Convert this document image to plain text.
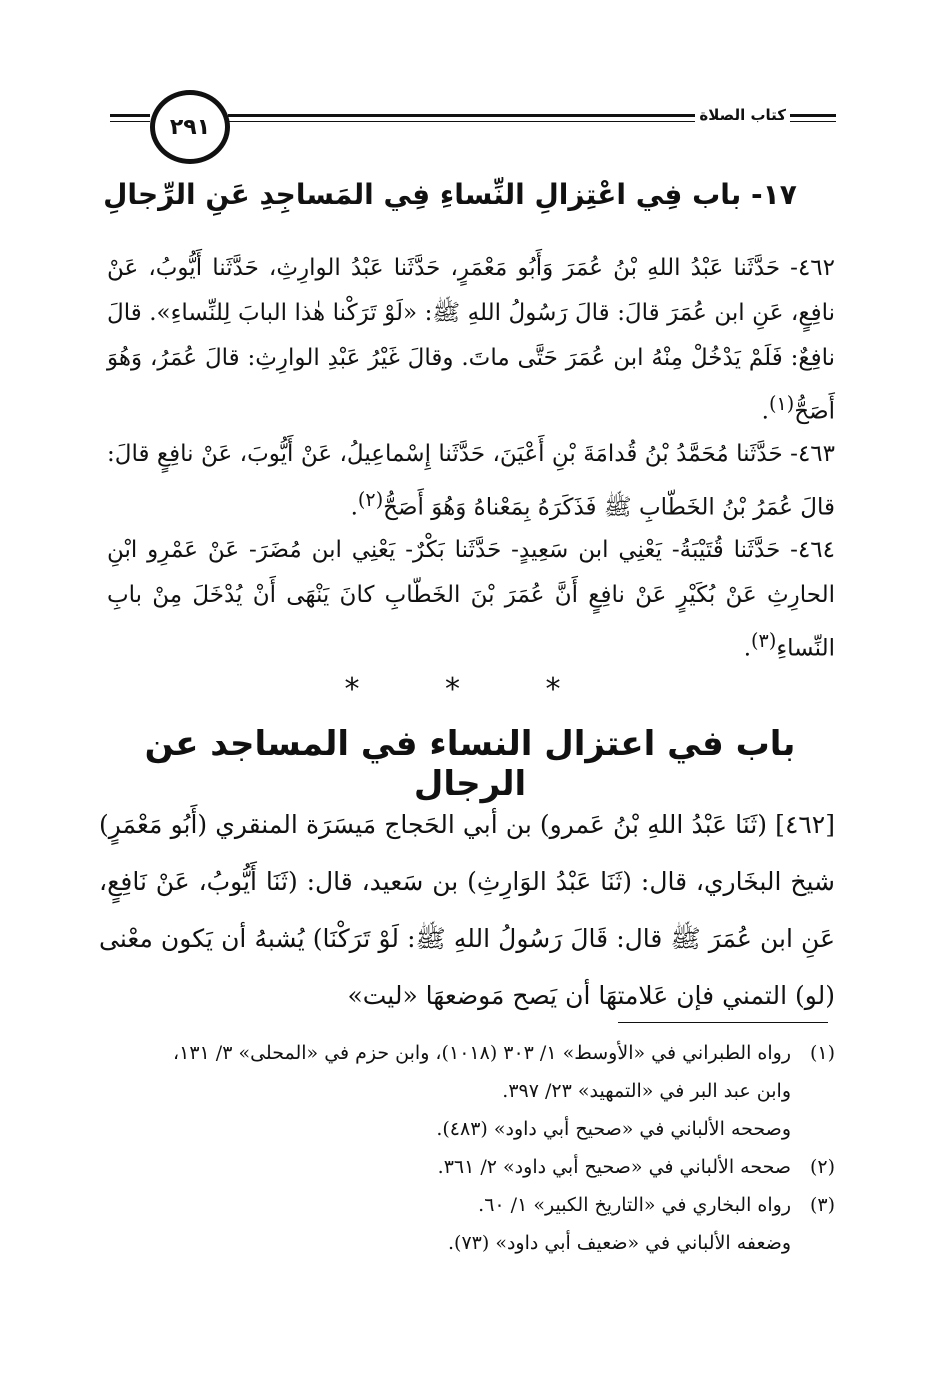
٢٩١	كتاب الصلاة
١٧- باب فِي اعْتِزالِ النِّساءِ فِي المَساجِدِ عَنِ الرِّجالِ
٤٦٢- حَدَّثَنا عَبْدُ اللهِ بْنُ عُمَرَ وَأَبُو مَعْمَرٍ، حَدَّثَنا عَبْدُ الوارِثِ، حَدَّثَنا أَيُّوبُ، عَنْ نافِعٍ، عَنِ ابن عُمَرَ قالَ: قالَ رَسُولُ اللهِ ﷺ: «لَوْ تَرَكْنا هٰذا البابَ لِلنِّساءِ». قالَ نافِعٌ: فَلَمْ يَدْخُلْ مِنْهُ ابن عُمَرَ حَتَّى ماتَ. وقالَ غَيْرُ عَبْدِ الوارِثِ: قالَ عُمَرُ، وَهُوَ أَصَحُّ$^{(١)}$.
٤٦٣- حَدَّثَنا مُحَمَّدُ بْنُ قُدامَةَ بْنِ أَعْيَنَ، حَدَّثَنا إِسْماعِيلُ، عَنْ أَيُّوبَ، عَنْ نافِعٍ قالَ: قالَ عُمَرُ بْنُ الخَطّابِ ﷺ فَذَكَرَهُ بِمَعْناهُ وَهُوَ أَصَحُّ$^{(٢)}$.
٤٦٤- حَدَّثَنا قُتَيْبَةُ- يَعْنِي ابن سَعِيدٍ- حَدَّثَنا بَكْرٌ- يَعْنِي ابن مُضَرَ- عَنْ عَمْرِو ابْنِ الحارِثِ عَنْ بُكَيْرٍ عَنْ نافِعٍ أَنَّ عُمَرَ بْنَ الخَطّابِ كانَ يَنْهَى أَنْ يُدْخَلَ مِنْ بابِ النِّساءِ$^{(٣)}$.
* * *
باب في اعتزال النساء في المساجد عن الرجال
[٤٦٢] (ثَنَا عَبْدُ اللهِ بْنُ عَمرو) بن أبي الحَجاج مَيسَرَة المنقري (أَبُو مَعْمَرٍ) شيخ البخَاري، قال: (ثَنَا عَبْدُ الوَارِثِ) بن سَعيد، قال: (ثَنَا أَيُّوبُ، عَنْ نَافِعٍ، عَنِ ابن عُمَرَ ﷺ قال: قَالَ رَسُولُ اللهِ ﷺ: لَوْ تَرَكْنَا) يُشبهُ أن يَكون معْنى (لو) التمني فإن عَلامتهَا أن يَصح مَوضعهَا «ليت»
(١)رواه الطبراني في «الأوسط» ١/ ٣٠٣ (١٠١٨)، وابن حزم في «المحلى» ٣/ ١٣١،
وابن عبد البر في «التمهيد» ٢٣/ ٣٩٧.
وصححه الألباني في «صحيح أبي داود» (٤٨٣).
(٢)صححه الألباني في «صحيح أبي داود» ٢/ ٣٦١.
(٣)رواه البخاري في «التاريخ الكبير» ١/ ٦٠.
وضعفه الألباني في «ضعيف أبي داود» (٧٣).
